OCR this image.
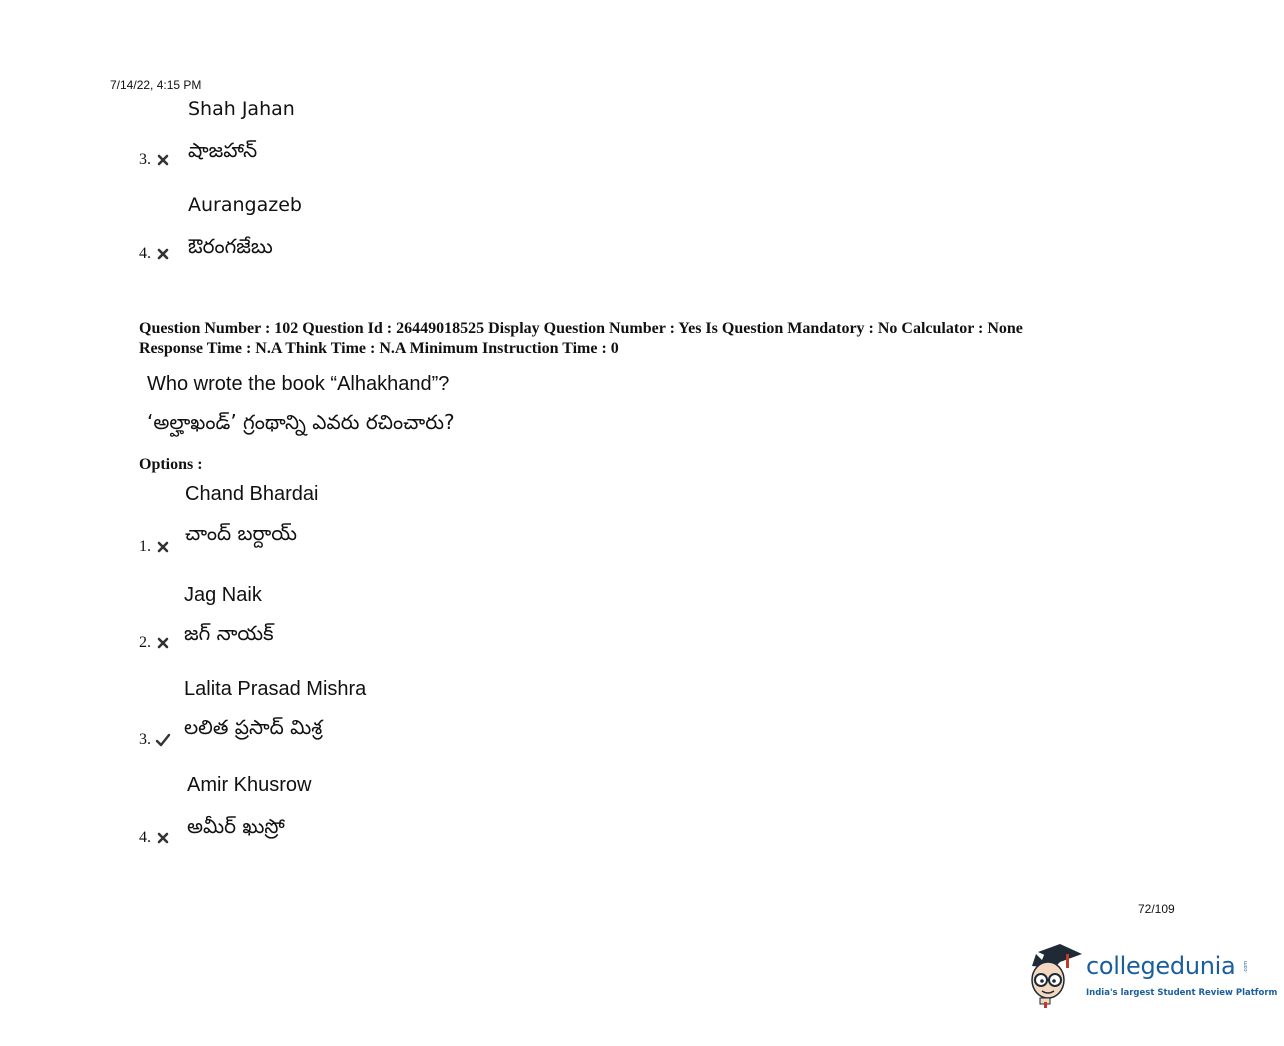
7/14/22, 4:15 PM
Shah Jahan
షాజహాన్
3.
Aurangazeb
ఔరంగజేబు
4.
Question Number : 102 Question Id : 26449018525 Display Question Number : Yes Is Question Mandatory : No Calculator : None
Response Time : N.A Think Time : N.A Minimum Instruction Time : 0
Who wrote the book “Alhakhand”?
‘అల్హాఖండ్’ గ్రంథాన్ని ఎవరు రచించారు?
Options :
Chand Bhardai
చాంద్ బర్దాయ్
1.
Jag Naik
జగ్ నాయక్
2.
Lalita Prasad Mishra
లలిత ప్రసాద్ మిశ్ర
3.
Amir Khusrow
అమీర్ ఖుస్రో
4.
72/109
collegedunia .com
India's largest Student Review Platform
